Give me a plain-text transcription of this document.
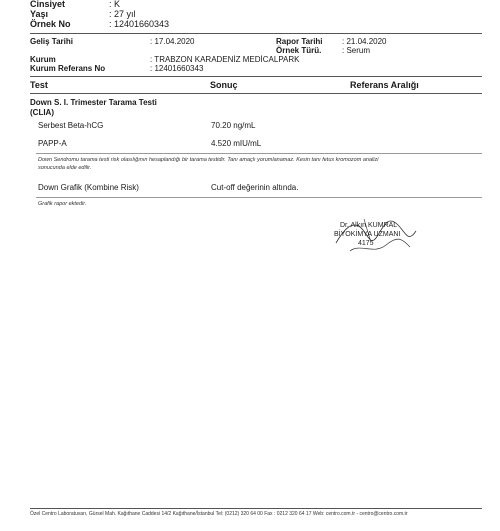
Cinsiyet	: K
Yaşı	: 27 yıl
Örnek No	: 12401660343
Geliş Tarihi	: 17.04.2020	Rapor Tarihi : 21.04.2020
Örnek Türü.	: Serum
Kurum	: TRABZON KARADENİZ MEDİCALPARK
Kurum Referans No	: 12401660343
Test	Sonuç	Referans Aralığı
Down S. I. Trimester Tarama Testi
(CLIA)
Serbest Beta-hCG	70.20 ng/mL
PAPP-A	4.520 mIU/mL
Down Sendromu tarama testi risk olasılığının hesaplandığı bir tarama testidir. Tanı amaçlı yorumlanamaz. Kesin tanı fetus kromozom analizi
sonucunda elde edilir.
Down Grafik (Kombine Risk)	Cut-off değerinin altında.
Grafik rapor ektedir.
Dr. Alkın KUMRAL
BİYOKİMYA UZMANI
4175
Özel Centro Laboratuvarı, Gürsel Mah. Kağıthane Caddesi 14/2 Kağıthane/İstanbul Tel: (0212) 320 64 00 Fax : 0212 320 64 17 Web: centro.com.tr - centro@centro.com.tr
